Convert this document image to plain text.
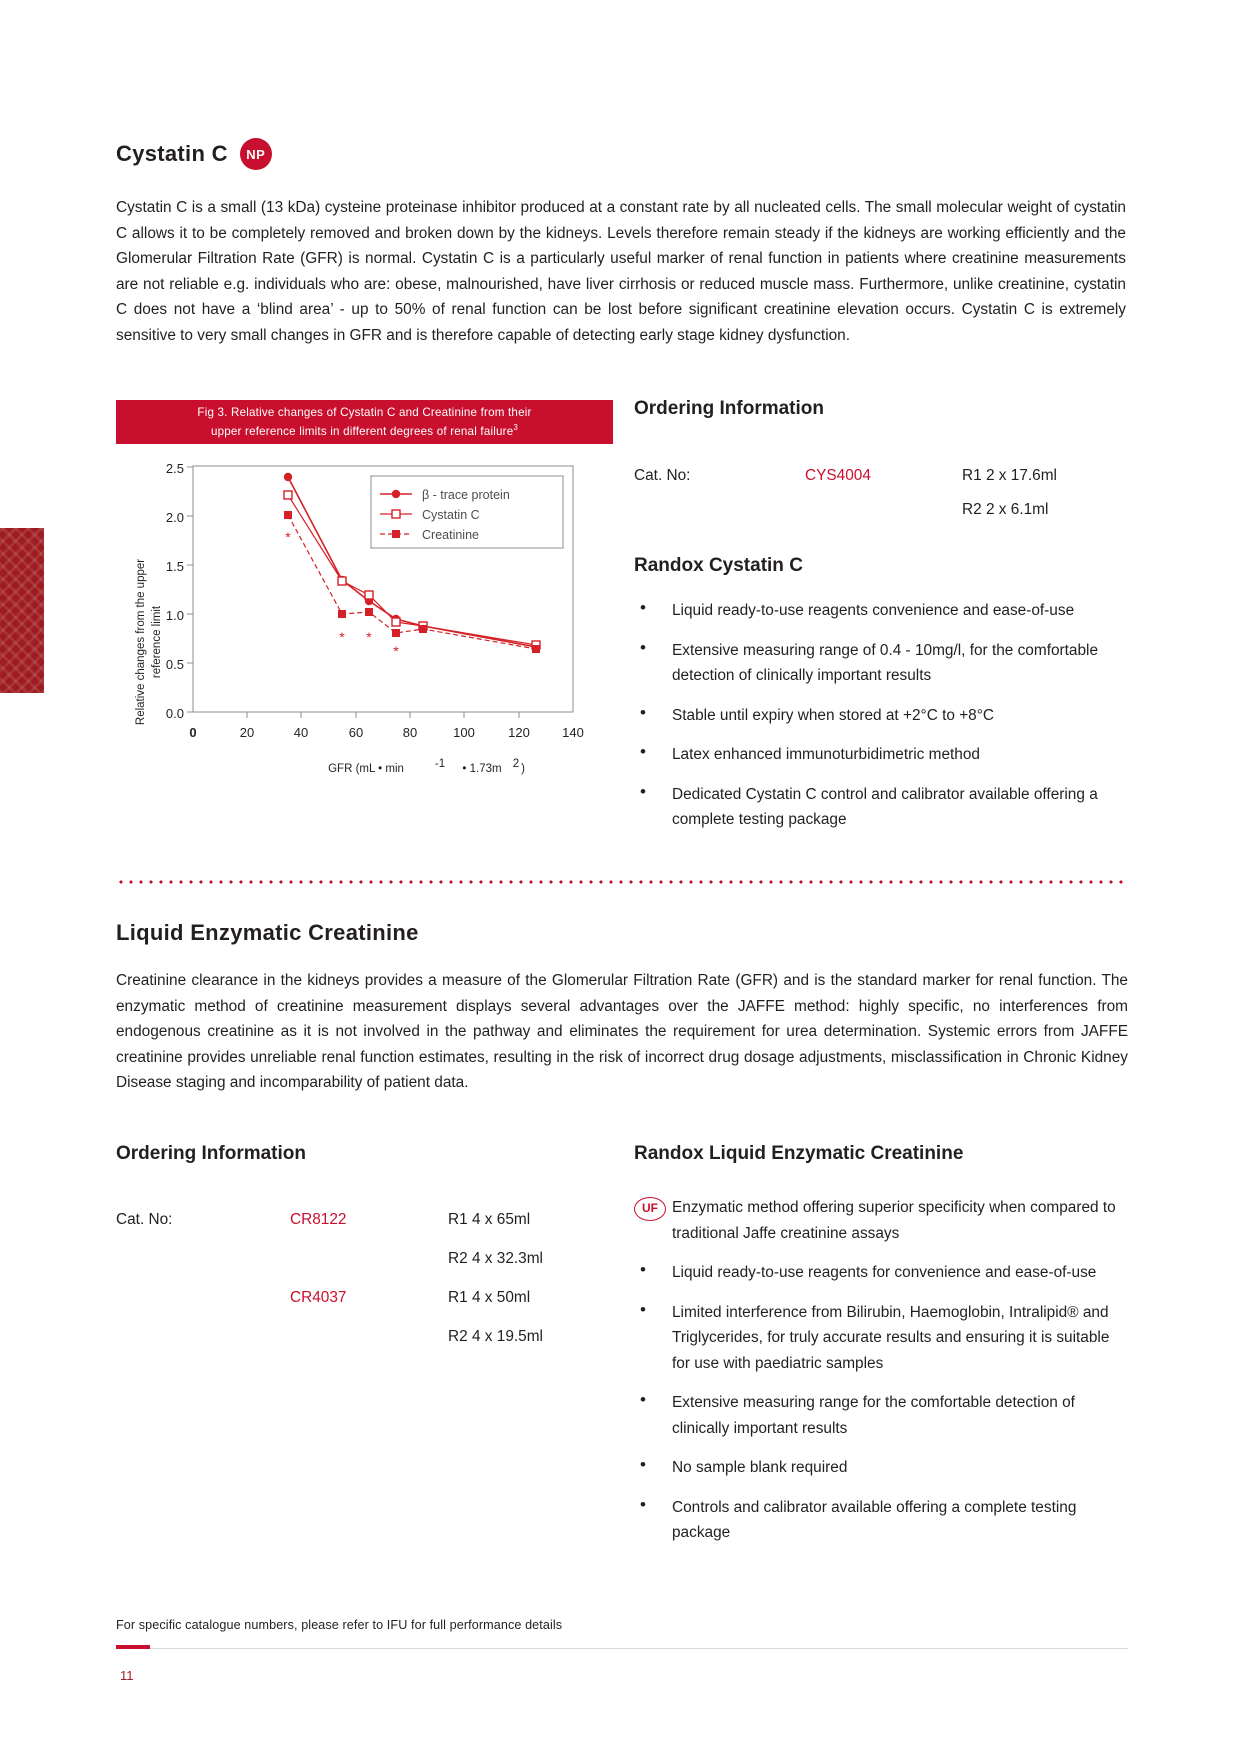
Cystatin C	NP

Cystatin C is a small (13 kDa) cysteine proteinase inhibitor produced at a constant rate by all nucleated cells. The small molecular weight of cystatin C allows it to be completely removed and broken down by the kidneys. Levels therefore remain steady if the kidneys are working efficiently and the Glomerular Filtration Rate (GFR) is normal. Cystatin C is a particularly useful marker of renal function in patients where creatinine measurements are not reliable e.g. individuals who are: obese, malnourished, have liver cirrhosis or reduced muscle mass. Furthermore, unlike creatinine, cystatin C does not have a ‘blind area’ - up to 50% of renal function can be lost before significant creatinine elevation occurs. Cystatin C is extremely sensitive to very small changes in GFR and is therefore capable of detecting early stage kidney dysfunction.

Fig 3. Relative changes of Cystatin C and Creatinine from their
upper reference limits in different degrees of renal failure$^3$
0.0
0.5
1.0
1.5
2.0
2.5
0	20	40	60	80	100	120 140
Relative changes from the upper reference limit
GFR (mL • min	-1 • 1.73m 2 )
*
* *
*
β - trace protein
Cystatin C
Creatinine
Ordering Information
Cat. No:	CYS4004	R1 2 x 17.6ml
R2 2 x 6.1ml
Randox Cystatin C
• Liquid ready-to-use reagents convenience and ease-of-use
• Extensive measuring range of 0.4 - 10mg/l, for the comfortable detection of clinically important results
• Stable until expiry when stored at +2°C to +8°C
• Latex enhanced immunoturbidimetric method
• Dedicated Cystatin C control and calibrator available offering a complete testing package
Liquid Enzymatic Creatinine

Creatinine clearance in the kidneys provides a measure of the Glomerular Filtration Rate (GFR) and is the standard marker for renal function. The enzymatic method of creatinine measurement displays several advantages over the JAFFE method: highly specific, no interferences from endogenous creatinine as it is not involved in the pathway and eliminates the requirement for urea determination. Systemic errors from JAFFE creatinine provides unreliable renal function estimates, resulting in the risk of incorrect drug dosage adjustments, misclassification in Chronic Kidney Disease staging and incomparability of patient data.

Ordering Information	Randox Liquid Enzymatic Creatinine
Cat. No:	CR8122	R1 4 x 65ml
R2 4 x 32.3ml
CR4037	R1 4 x 50ml
R2 4 x 19.5ml
UF Enzymatic method offering superior specificity when compared to traditional Jaffe creatinine assays
• Liquid ready-to-use reagents for convenience and ease-of-use
• Limited interference from Bilirubin, Haemoglobin, Intralipid® and Triglycerides, for truly accurate results and ensuring it is suitable for use with paediatric samples
• Extensive measuring range for the comfortable detection of clinically important results
• No sample blank required
• Controls and calibrator available offering a complete testing package
For specific catalogue numbers, please refer to IFU for full performance details
11
